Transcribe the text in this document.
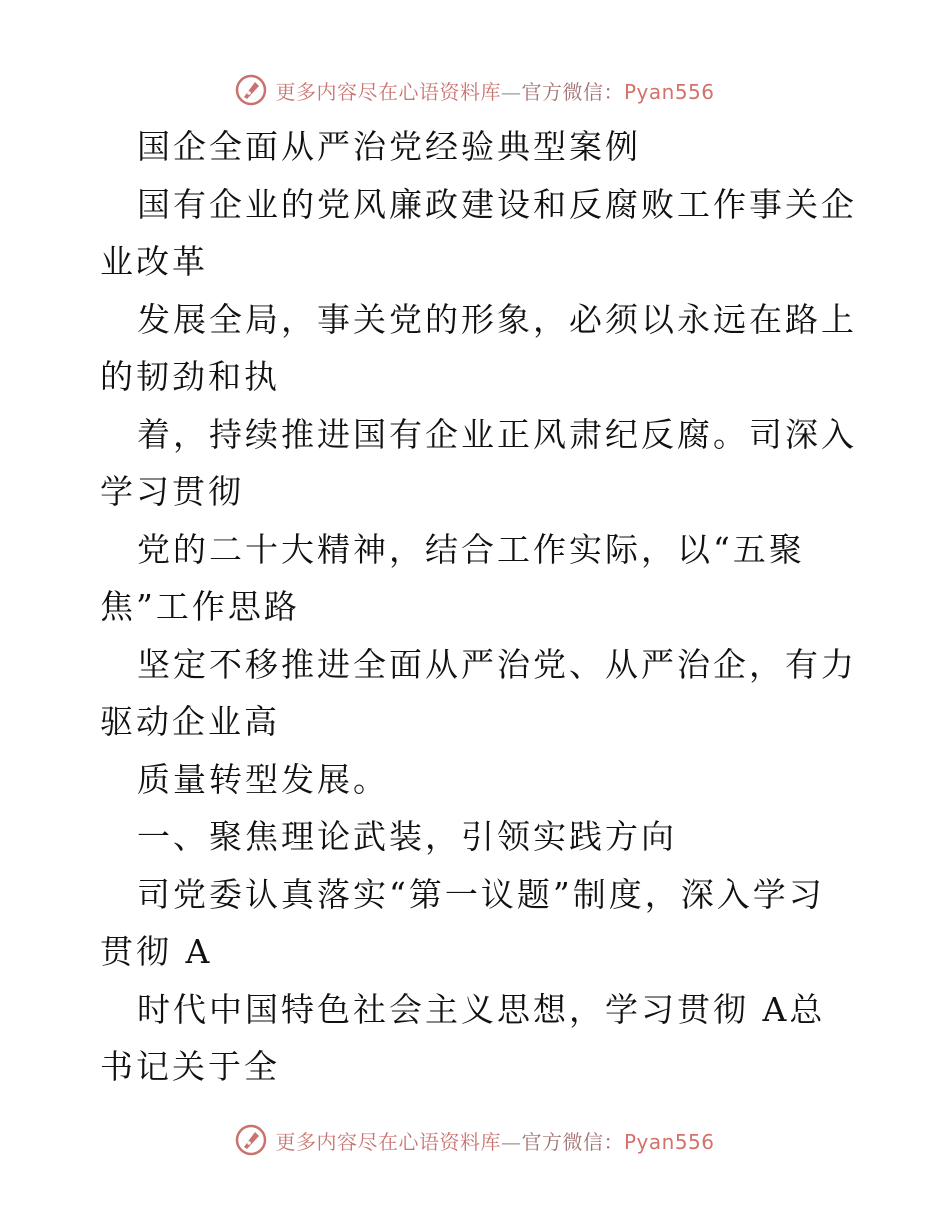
更多内容尽在心语资料库—官方微信：Pyan556

国企全面从严治党经验典型案例

国有企业的党风廉政建设和反腐败工作事关企业改革

发展全局，事关党的形象，必须以永远在路上的韧劲和执

着，持续推进国有企业正风肃纪反腐。司深入学习贯彻

党的二十大精神，结合工作实际，以“五聚焦”工作思路

坚定不移推进全面从严治党、从严治企，有力驱动企业高

质量转型发展。

一、聚焦理论武装，引领实践方向

司党委认真落实“第一议题”制度，深入学习贯彻 A

时代中国特色社会主义思想，学习贯彻 A总书记关于全

更多内容尽在心语资料库—官方微信：Pyan556
